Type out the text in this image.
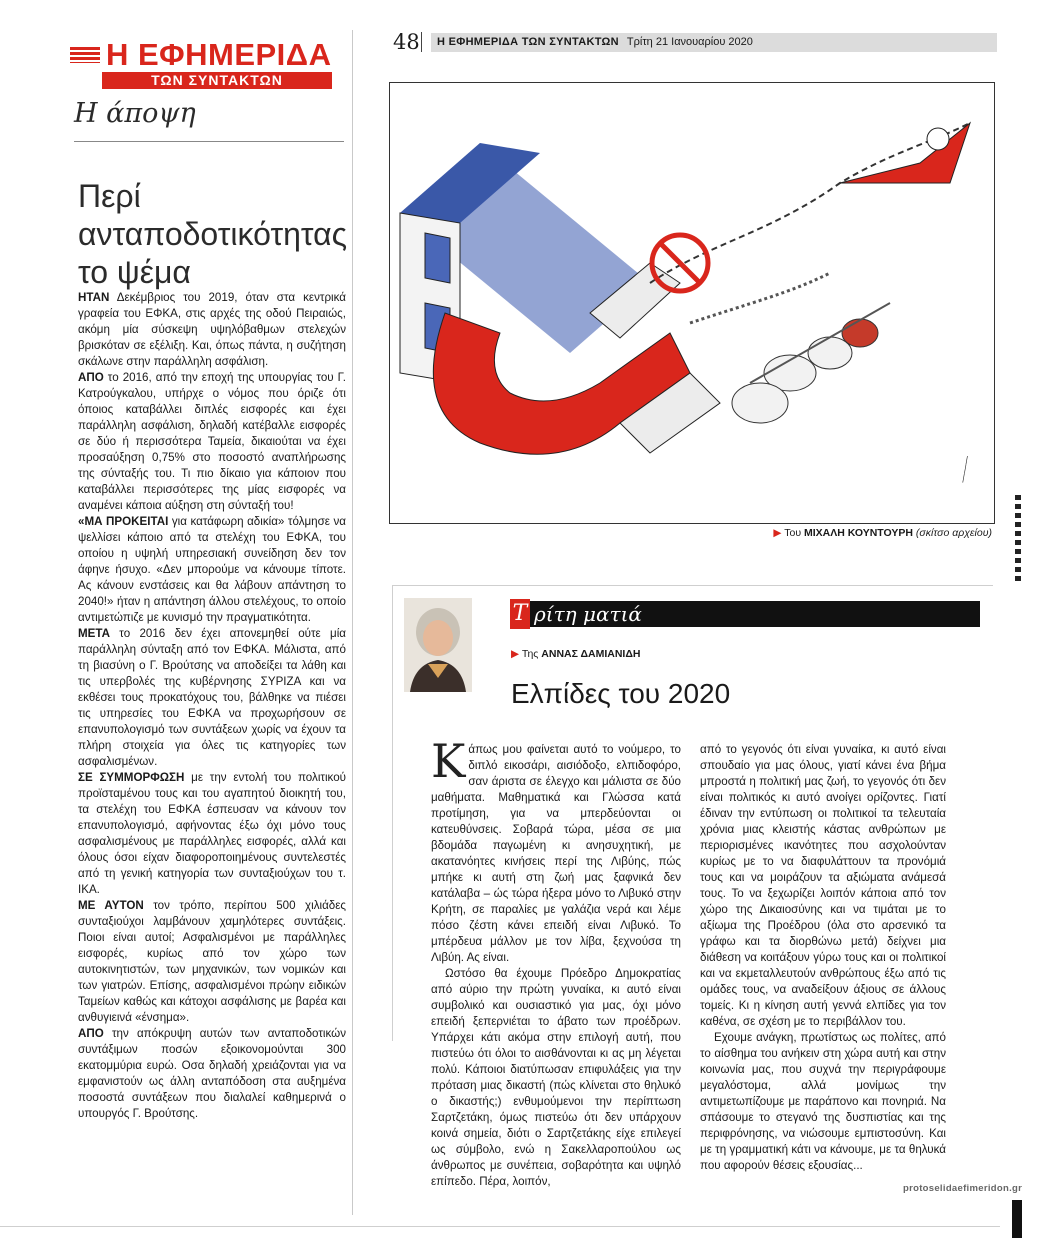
Η ΕΦΗΜΕΡΙΔΑ
ΤΩΝ ΣΥΝΤΑΚΤΩΝ
Η άποψη
Περί
ανταποδοτικότητας
το ψέμα

ΗΤΑΝ Δεκέμβριος του 2019, όταν στα κεντρικά γραφεία του ΕΦΚΑ, στις αρχές της οδού Πειραιώς, ακόμη μία σύσκεψη υψηλόβαθμων στελεχών βρισκόταν σε εξέλιξη. Και, όπως πάντα, η συζήτηση σκάλωνε στην παράλληλη ασφάλιση.

ΑΠΟ το 2016, από την εποχή της υπουργίας του Γ. Κατρούγκαλου, υπήρχε ο νόμος που όριζε ότι όποιος καταβάλλει διπλές εισφορές και έχει παράλληλη ασφάλιση, δηλαδή κατέβαλλε εισφορές σε δύο ή περισσότερα Ταμεία, δικαιούται να έχει προσαύξηση 0,75% στο ποσοστό αναπλήρωσης της σύνταξής του. Τι πιο δίκαιο για κάποιον που καταβάλλει περισσότερες της μίας εισφορές να αναμένει κάποια αύξηση στη σύνταξή του!

«ΜΑ ΠΡΟΚΕΙΤΑΙ για κατάφωρη αδικία» τόλμησε να ψελλίσει κάποιο από τα στελέχη του ΕΦΚΑ, του οποίου η υψηλή υπηρεσιακή συνείδηση δεν τον άφηνε ήσυχο. «Δεν μπορούμε να κάνουμε τίποτε. Ας κάνουν ενστάσεις και θα λάβουν απάντηση το 2040!» ήταν η απάντηση άλλου στελέχους, το οποίο αντιμετώπιζε με κυνισμό την πραγματικότητα.

ΜΕΤΑ το 2016 δεν έχει απονεμηθεί ούτε μία παράλληλη σύνταξη από τον ΕΦΚΑ. Μάλιστα, από τη βιασύνη ο Γ. Βρούτσης να αποδείξει τα λάθη και τις υπερβολές της κυβέρνησης ΣΥΡΙΖΑ και να εκθέσει τους προκατόχους του, βάλθηκε να πιέσει τις υπηρεσίες του ΕΦΚΑ να προχωρήσουν σε επανυπολογισμό των συντάξεων χωρίς να έχουν τα πλήρη στοιχεία για όλες τις κατηγορίες των ασφαλισμένων.

ΣΕ ΣΥΜΜΟΡΦΩΣΗ με την εντολή του πολιτικού προϊσταμένου τους και του αγαπητού διοικητή του, τα στελέχη του ΕΦΚΑ έσπευσαν να κάνουν τον επανυπολογισμό, αφήνοντας έξω όχι μόνο τους ασφαλισμένους με παράλληλες εισφορές, αλλά και όλους όσοι είχαν διαφοροποιημένους συντελεστές από τη γενική κατηγορία των συνταξιούχων του τ. ΙΚΑ.

ΜΕ ΑΥΤΟΝ τον τρόπο, περίπου 500 χιλιάδες συνταξιούχοι λαμβάνουν χαμηλότερες συντάξεις. Ποιοι είναι αυτοί; Ασφαλισμένοι με παράλληλες εισφορές, κυρίως από τον χώρο των αυτοκινητιστών, των μηχανικών, των νομικών και των γιατρών. Επίσης, ασφαλισμένοι πρώην ειδικών Ταμείων καθώς και κάτοχοι ασφάλισης με βαρέα και ανθυγιεινά «ένσημα».

ΑΠΟ την απόκρυψη αυτών των ανταποδοτικών συντάξιμων ποσών εξοικονομούνται 300 εκατομμύρια ευρώ. Οσα δηλαδή χρειάζονται για να εμφανιστούν ως άλλη ανταπόδοση στα αυξημένα ποσοστά συντάξεων που διαλαλεί καθημερινά ο υπουργός Γ. Βρούτσης.

48	Η ΕΦΗΜΕΡΙΔΑ ΤΩΝ ΣΥΝΤΑΚΤΩΝ Τρίτη 21 Ιανουαρίου 2020
———
▶ Του ΜΙΧΑΛΗ ΚΟΥΝΤΟΥΡΗ (σκίτσο αρχείου)
Τ ρίτη ματιά
▶ Της ΑΝΝΑΣ ΔΑΜΙΑΝΙΔΗ
Ελπίδες του 2020

Κάπως μου φαίνεται αυτό το νούμερο, το διπλό εικοσάρι, αισιόδοξο, ελπιδοφόρο, σαν άριστα σε έλεγχο και μάλιστα σε δύο μαθήματα. Μαθηματικά και Γλώσσα κατά προτίμηση, για να μπερδεύονται οι κατευθύνσεις. Σοβαρά τώρα, μέσα σε μια βδομάδα παγωμένη κι ανησυχητική, με ακατανόητες κινήσεις περί της Λιβύης, πώς μπήκε κι αυτή στη ζωή μας ξαφνικά δεν κατάλαβα – ώς τώρα ήξερα μόνο το Λιβυκό στην Κρήτη, σε παραλίες με γαλάζια νερά και λέμε πόσο ζέστη κάνει επειδή είναι Λιβυκό. Το μπέρδευα μάλλον με τον λίβα, ξεχνούσα τη Λιβύη. Ας είναι.

Ωστόσο θα έχουμε Πρόεδρο Δημοκρατίας από αύριο την πρώτη γυναίκα, κι αυτό είναι συμβολικό και ουσιαστικό για μας, όχι μόνο επειδή ξεπερνιέται το άβατο των προέδρων. Υπάρχει κάτι ακόμα στην επιλογή αυτή, που πιστεύω ότι όλοι το αισθάνονται κι ας μη λέγεται πολύ. Κάποιοι διατύπωσαν επιφυλάξεις για την πρόταση μιας δικαστή (πώς κλίνεται στο θηλυκό ο δικαστής;) ενθυμούμενοι την περίπτωση Σαρτζετάκη, όμως πιστεύω ότι δεν υπάρχουν κοινά σημεία, διότι ο Σαρτζετάκης είχε επιλεγεί ως σύμβολο, ενώ η Σακελλαροπούλου ως άνθρωπος με συνέπεια, σοβαρότητα και υψηλό επίπεδο. Πέρα, λοιπόν,

από το γεγονός ότι είναι γυναίκα, κι αυτό είναι σπουδαίο για μας όλους, γιατί κάνει ένα βήμα μπροστά η πολιτική μας ζωή, το γεγονός ότι δεν είναι πολιτικός κι αυτό ανοίγει ορίζοντες. Γιατί έδιναν την εντύπωση οι πολιτικοί τα τελευταία χρόνια μιας κλειστής κάστας ανθρώπων με περιορισμένες ικανότητες που ασχολούνταν κυρίως με το να διαφυλάττουν τα προνόμιά τους και να μοιράζουν τα αξιώματα ανάμεσά τους. Το να ξεχωρίζει λοιπόν κάποια από τον χώρο της Δικαιοσύνης και να τιμάται με το αξίωμα της Προέδρου (όλα στο αρσενικό τα γράφω και τα διορθώνω μετά) δείχνει μια διάθεση να κοιτάξουν γύρω τους και οι πολιτικοί και να εκμεταλλευτούν ανθρώπους έξω από τις ομάδες τους, να αναδείξουν άξιους σε άλλους τομείς. Κι η κίνηση αυτή γεννά ελπίδες για τον καθένα, σε σχέση με το περιβάλλον του.

Εχουμε ανάγκη, πρωτίστως ως πολίτες, από το αίσθημα του ανήκειν στη χώρα αυτή και στην κοινωνία μας, που συχνά την περιγράφουμε μεγαλόστομα, αλλά μονίμως την αντιμετωπίζουμε με παράπονο και πονηριά. Να σπάσουμε το στεγανό της δυσπιστίας και της περιφρόνησης, να νιώσουμε εμπιστοσύνη. Και με τη γραμματική κάτι να κάνουμε, με τα θηλυκά που αφορούν θέσεις εξουσίας...

protoselidaefimeridon.gr
